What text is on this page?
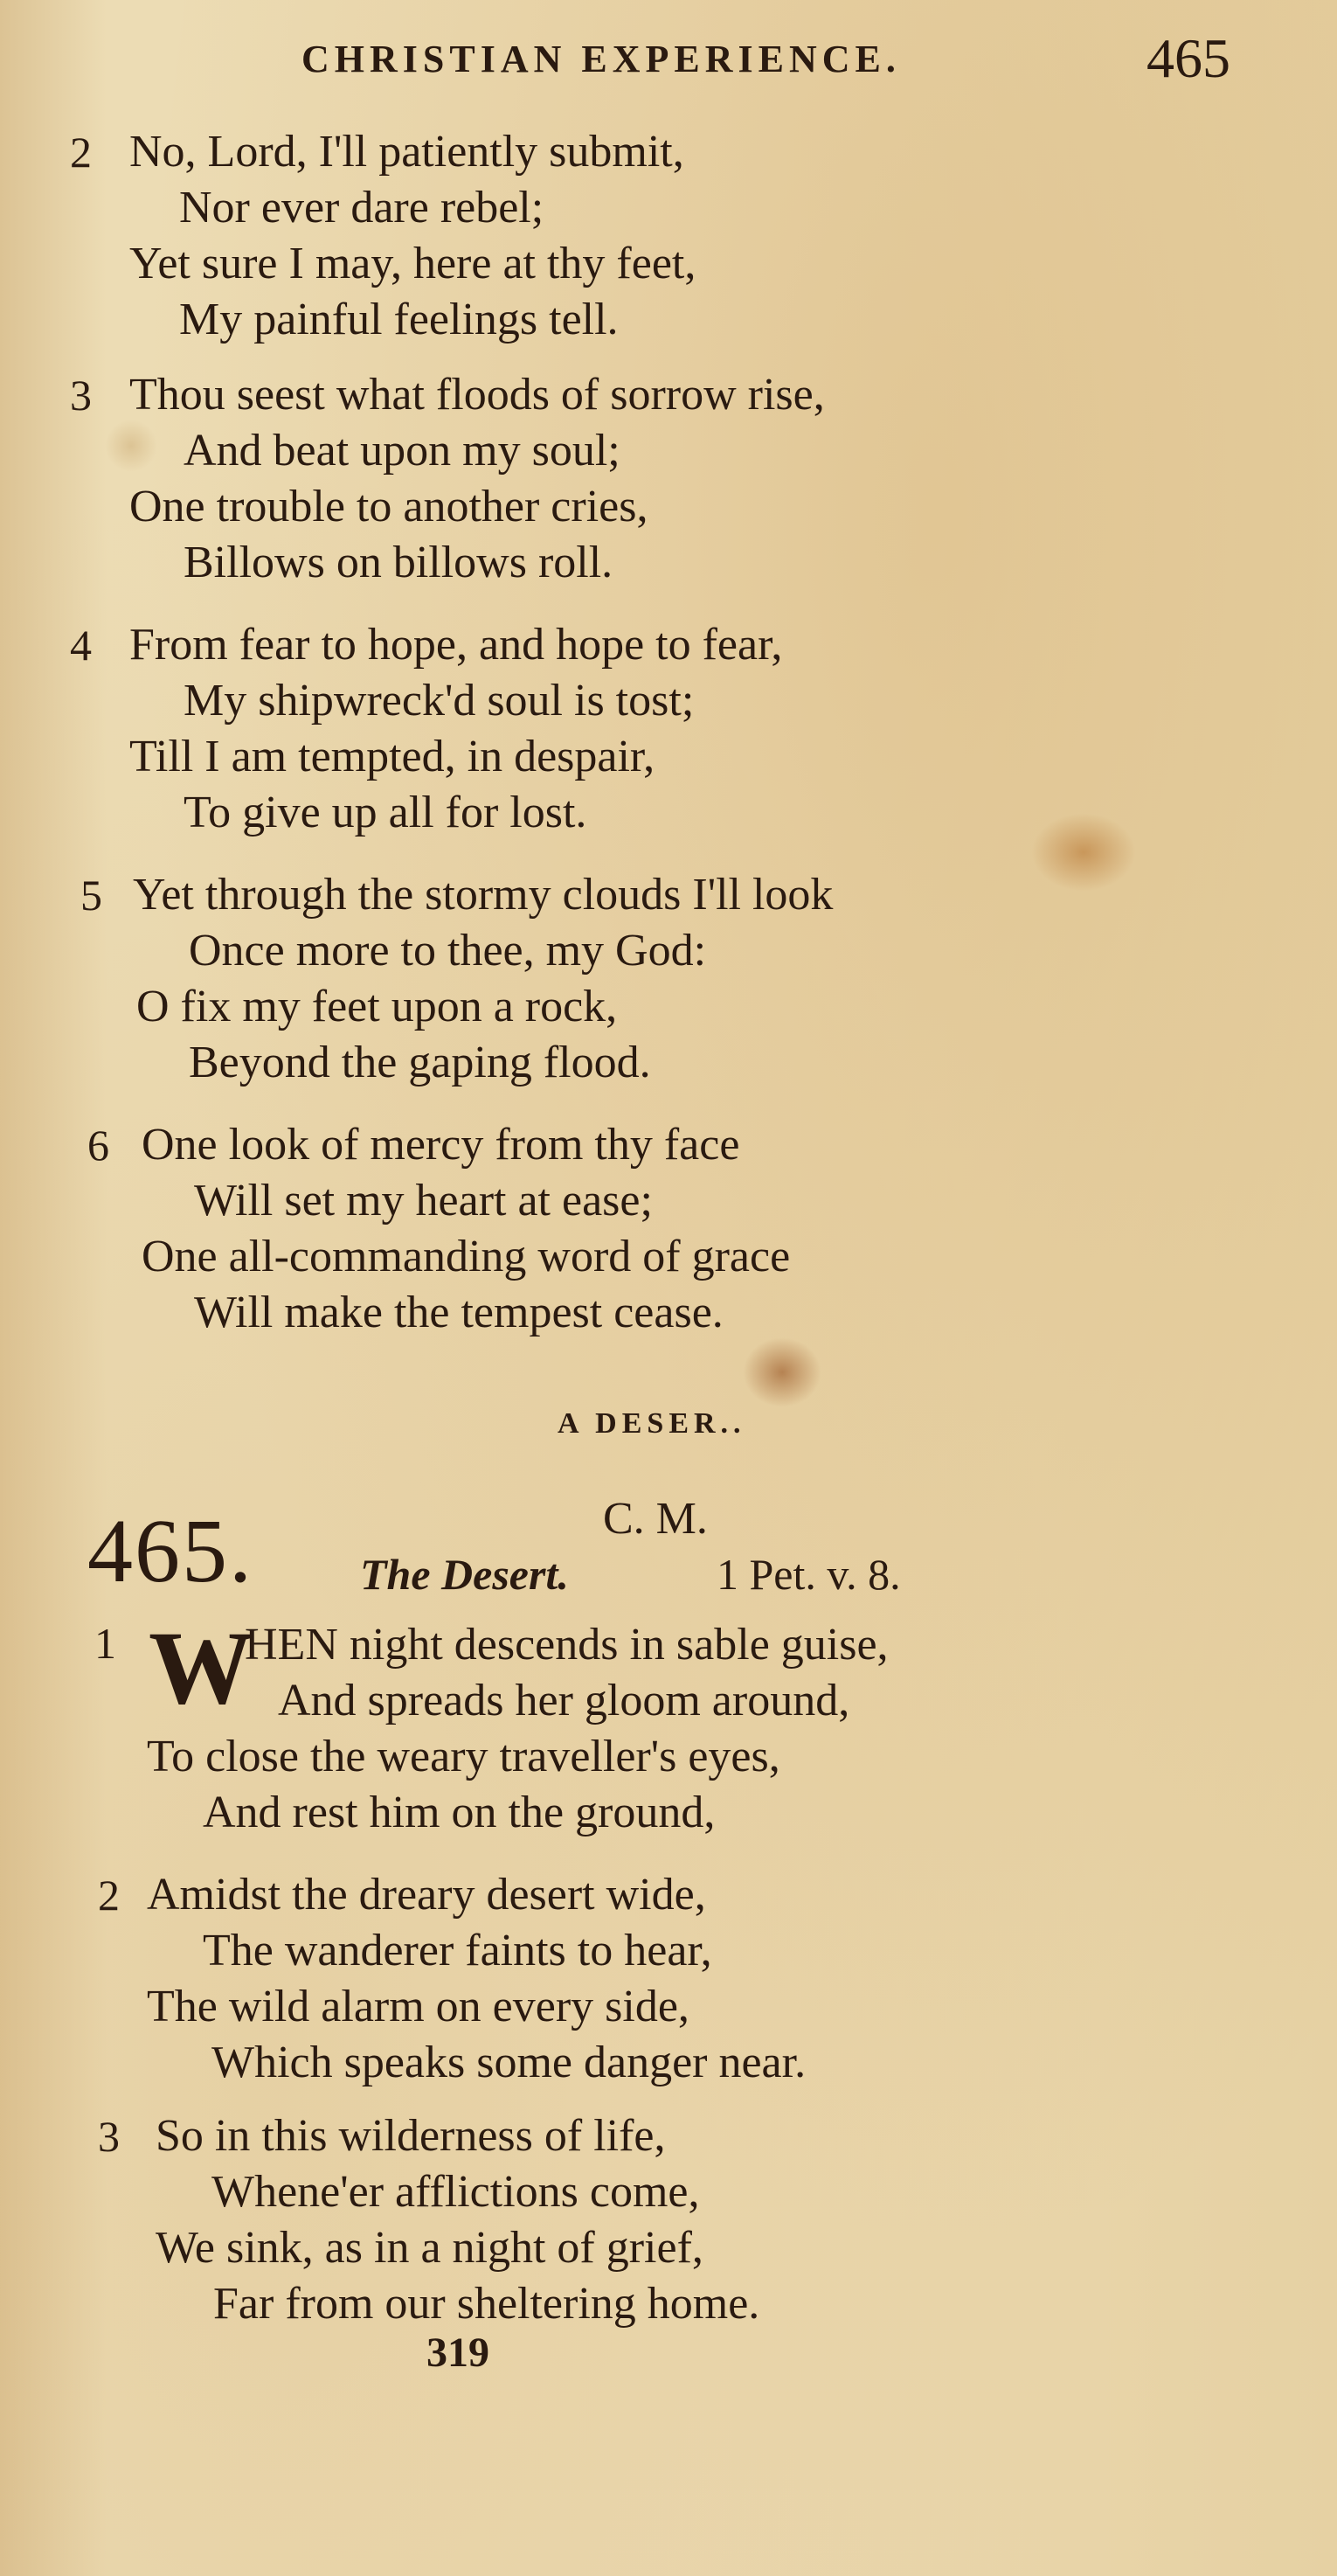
CHRISTIAN EXPERIENCE.	465
2 No, Lord, I'll patiently submit,
Nor ever dare rebel;
Yet sure I may, here at thy feet,
My painful feelings tell.
3 Thou seest what floods of sorrow rise,
And beat upon my soul;
One trouble to another cries,
Billows on billows roll.
4 From fear to hope, and hope to fear,
My shipwreck'd soul is tost;
Till I am tempted, in despair,
To give up all for lost.
5 Yet through the stormy clouds I'll look
Once more to thee, my God:
O fix my feet upon a rock,
Beyond the gaping flood.
6 One look of mercy from thy face
Will set my heart at ease;
One all-commanding word of grace
Will make the tempest cease.
A DESER..
C. M.
465. The Desert.	1 Pet. v. 8.
1 W
HEN night descends in sable guise,
And spreads her gloom around,
To close the weary traveller's eyes,
And rest him on the ground,
2 Amidst the dreary desert wide,
The wanderer faints to hear,
The wild alarm on every side,
Which speaks some danger near.
3 So in this wilderness of life,
Whene'er afflictions come,
We sink, as in a night of grief,
Far from our sheltering home.
319
